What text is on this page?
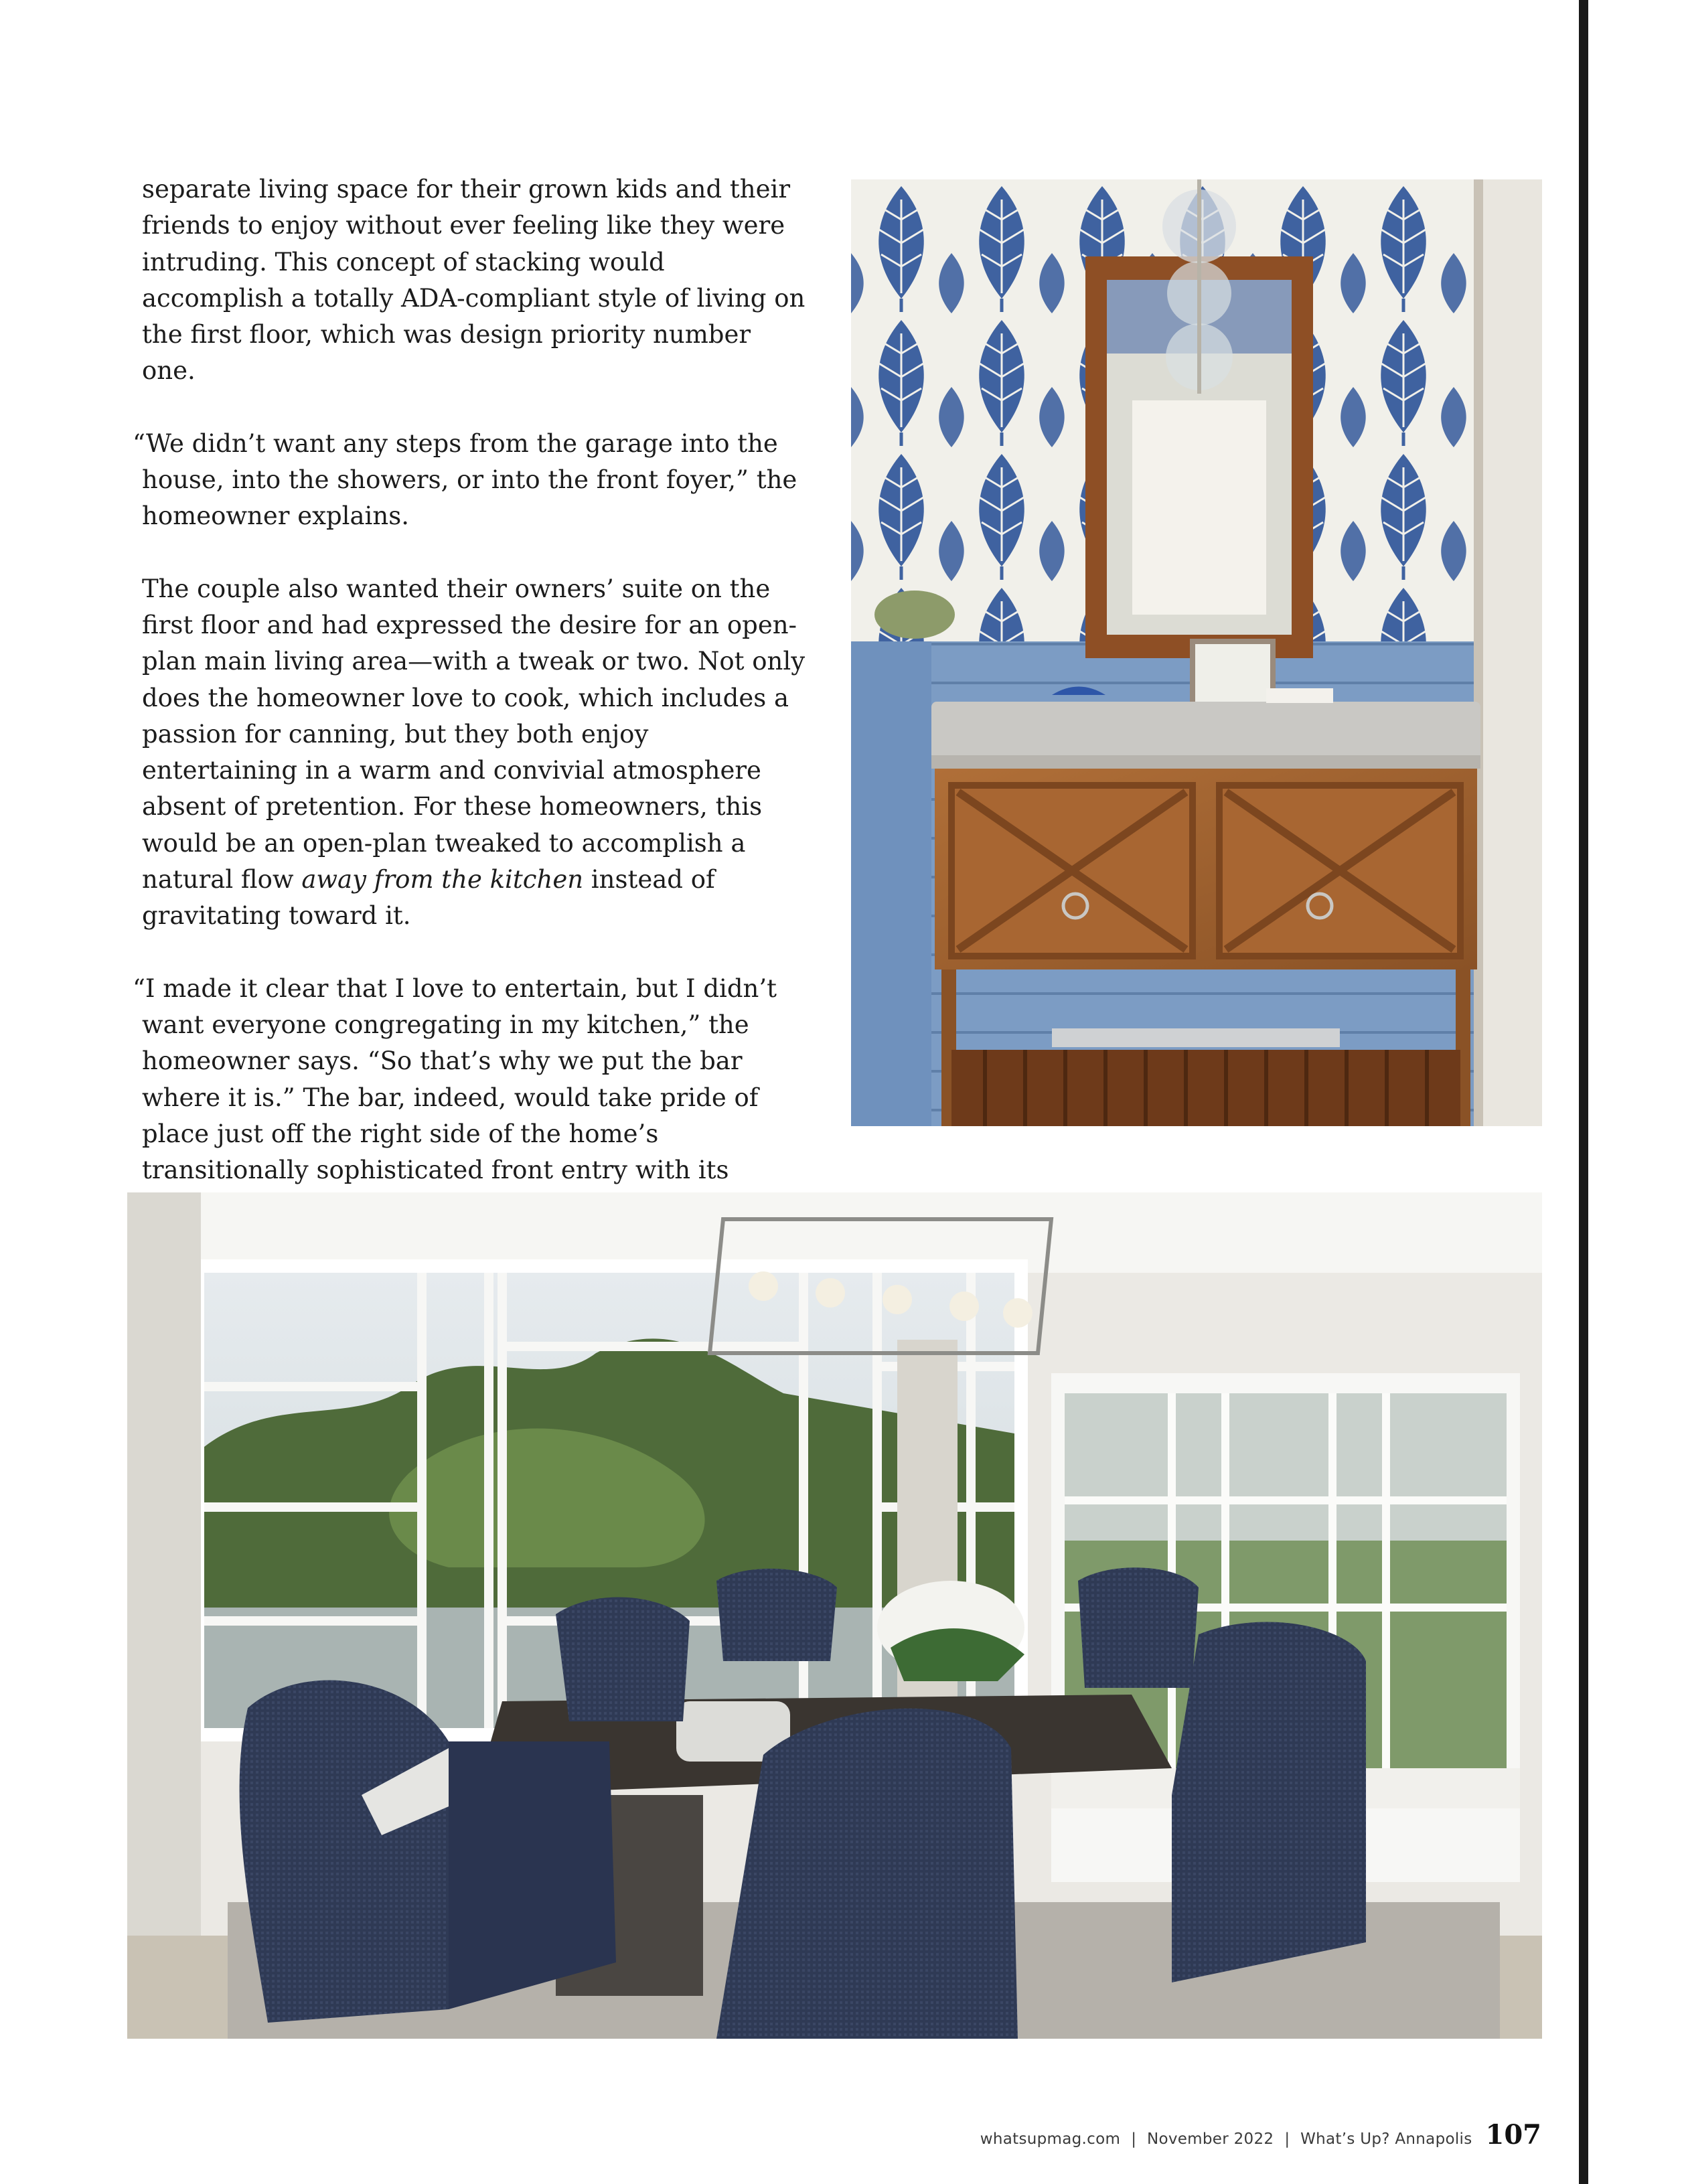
separate living space for their grown kids and their friends to enjoy without ever feeling like they were intruding. This concept of stacking would accomplish a totally ADA-compliant style of living on the first floor, which was design priority number one.

“We didn’t want any steps from the garage into the house, into the showers, or into the front foyer,” the homeowner explains.

The couple also wanted their owners’ suite on the first floor and had expressed the desire for an open-plan main living area—with a tweak or two. Not only does the homeowner love to cook, which includes a passion for canning, but they both enjoy entertaining in a warm and convivial atmosphere absent of pretention. For these homeowners, this would be an open-plan tweaked to accomplish a natural flow away from the kitchen instead of gravitating toward it.

“I made it clear that I love to entertain, but I didn’t want everyone congregating in my kitchen,” the homeowner says. “So that’s why we put the bar where it is.” The bar, indeed, would take pride of place just off the right side of the home’s transitionally sophisticated front entry with its

whatsupmag.com | November 2022 | What’s Up? Annapolis 107
